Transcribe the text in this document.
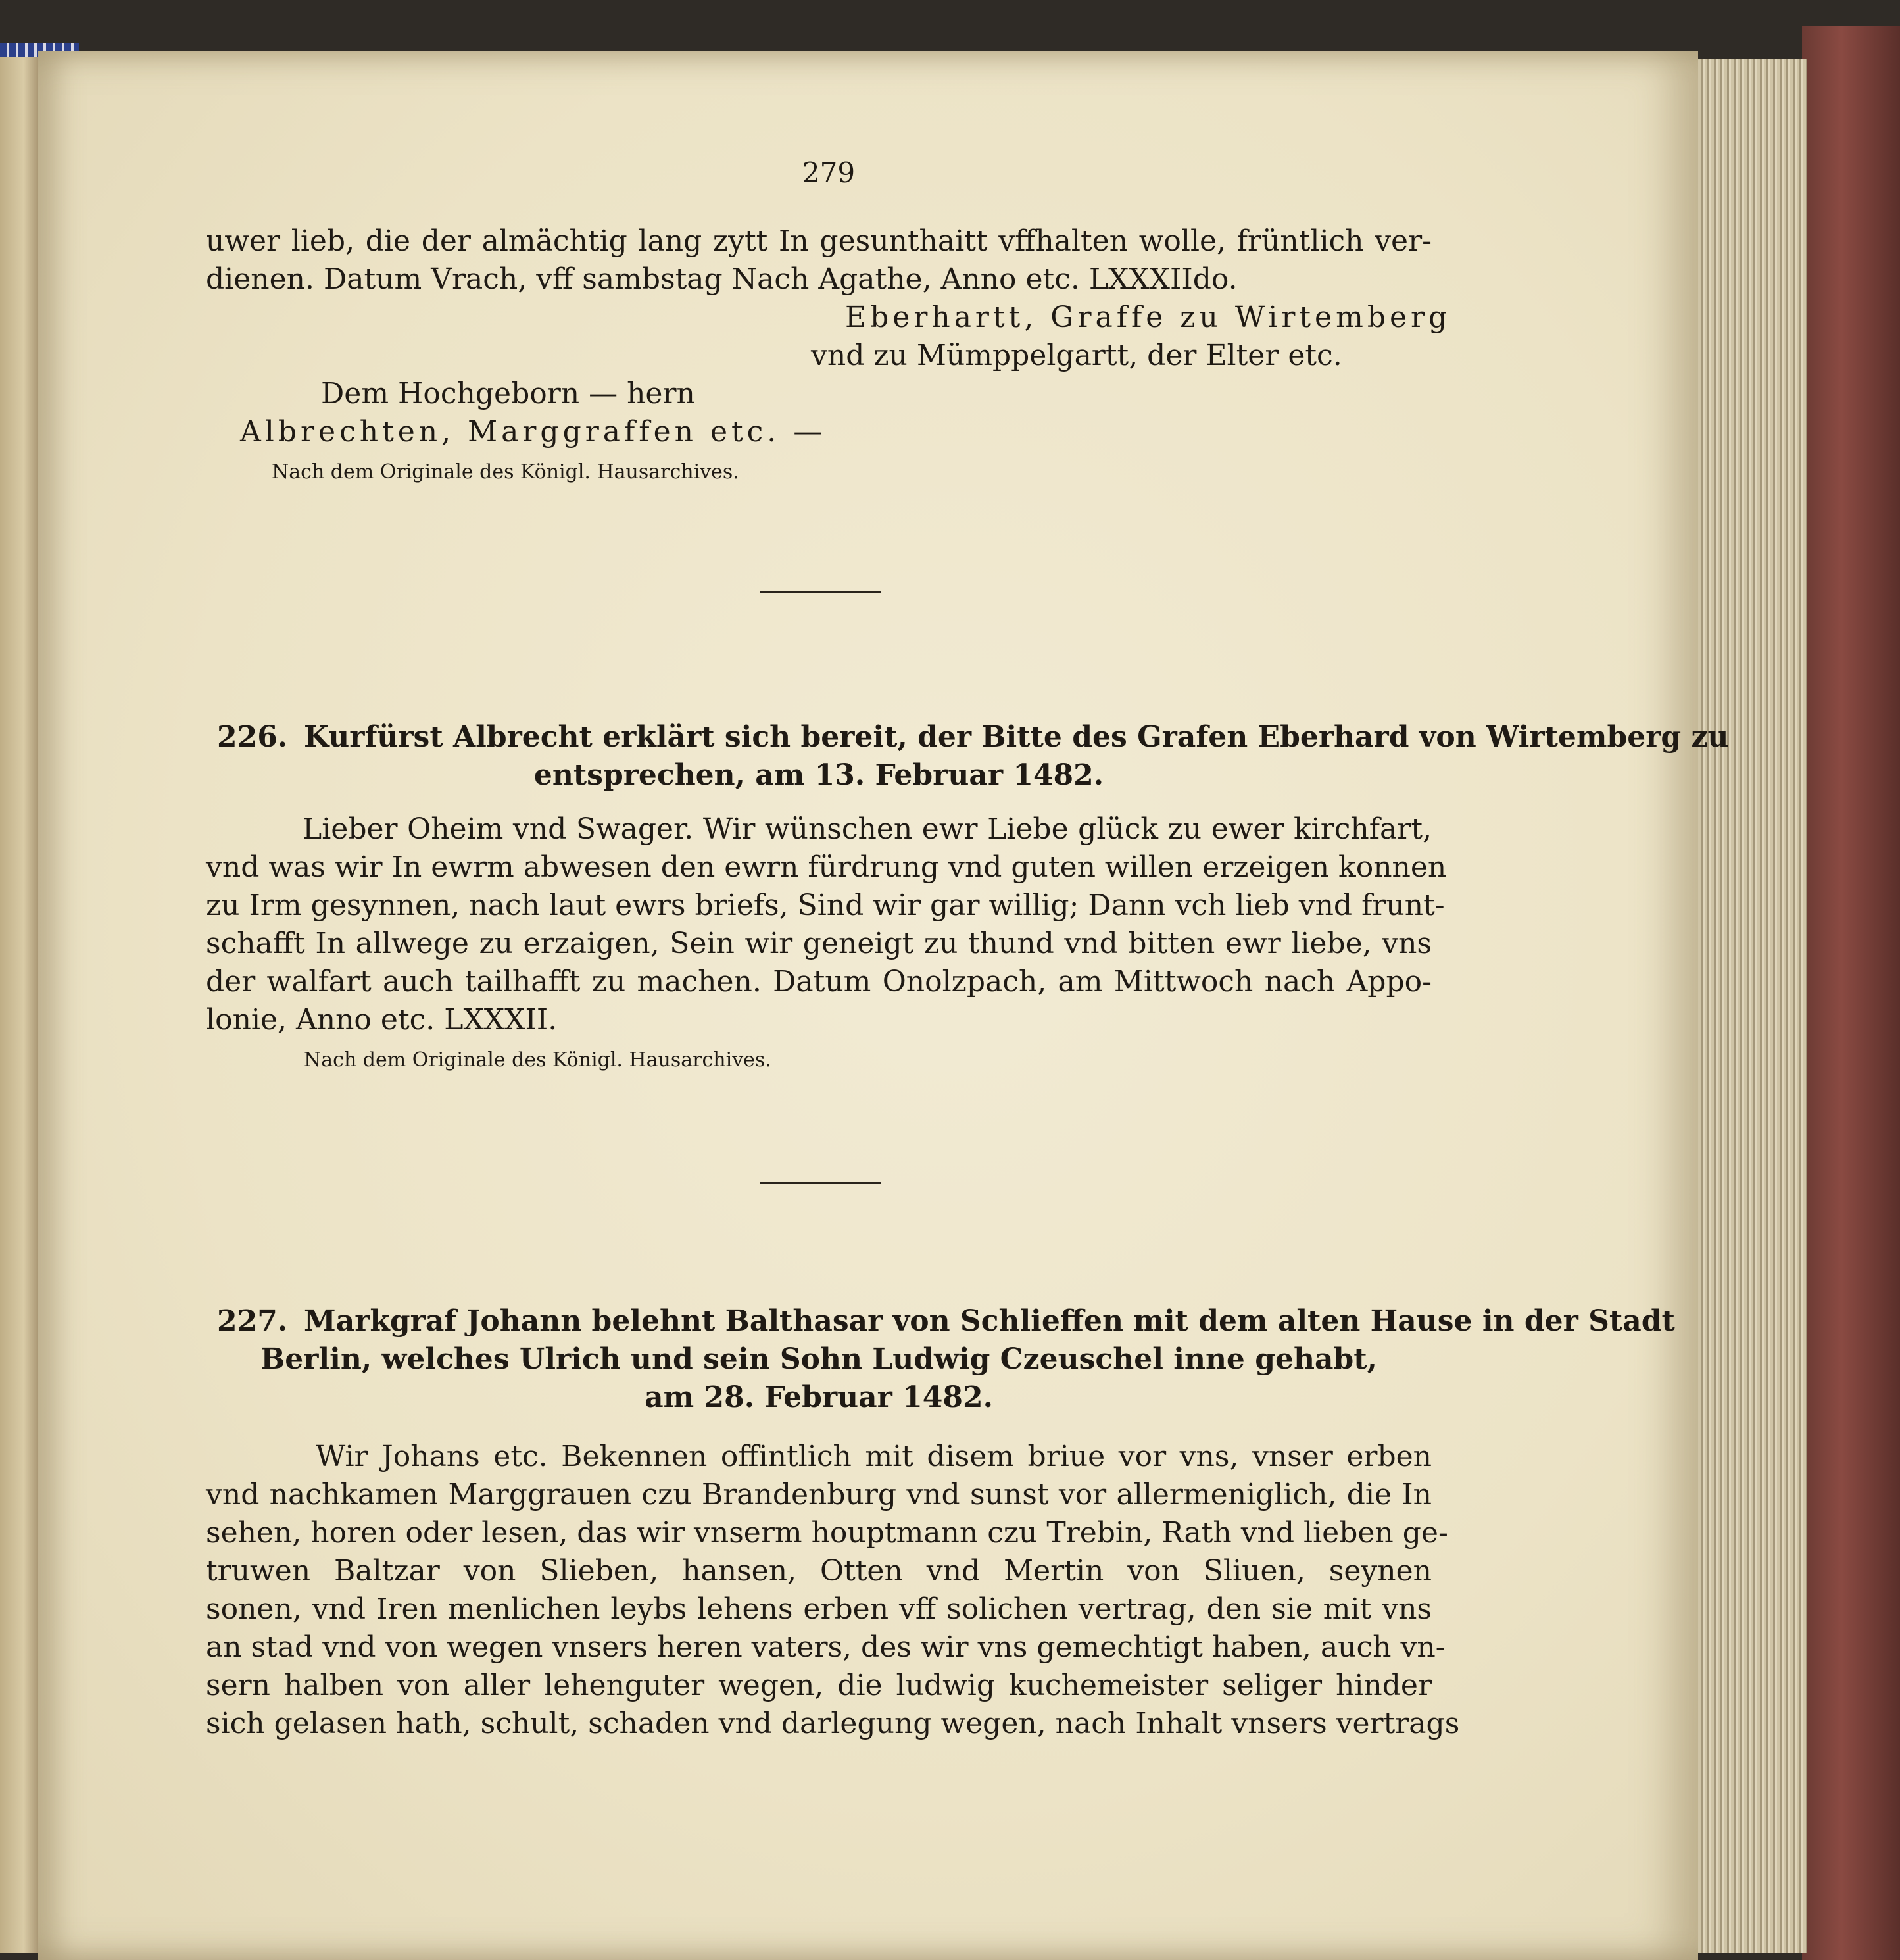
279
uwer lieb, die der almächtig lang zytt In gesunthaitt vffhalten wolle, früntlich ver-
dienen. Datum Vrach, vff sambstag Nach Agathe, Anno etc. LXXXIIdo.
Eberhartt, Graffe zu Wirtemberg
vnd zu Mümppelgartt, der Elter etc.
Dem Hochgeborn — hern
Albrechten, Marggraffen etc. —
Nach dem Originale des Königl. Hausarchives.
226. Kurfürst Albrecht erklärt sich bereit, der Bitte des Grafen Eberhard von Wirtemberg zu
entsprechen, am 13. Februar 1482.
Lieber Oheim vnd Swager. Wir wünschen ewr Liebe glück zu ewer kirchfart,
vnd was wir In ewrm abwesen den ewrn fürdrung vnd guten willen erzeigen konnen
zu Irm gesynnen, nach laut ewrs briefs, Sind wir gar willig; Dann vch lieb vnd frunt-
schafft In allwege zu erzaigen, Sein wir geneigt zu thund vnd bitten ewr liebe, vns
der walfart auch tailhafft zu machen. Datum Onolzpach, am Mittwoch nach Appo-
lonie, Anno etc. LXXXII.
Nach dem Originale des Königl. Hausarchives.
227. Markgraf Johann belehnt Balthasar von Schlieffen mit dem alten Hause in der Stadt
Berlin, welches Ulrich und sein Sohn Ludwig Czeuschel inne gehabt,
am 28. Februar 1482.
Wir Johans etc. Bekennen offintlich mit disem briue vor vns, vnser erben
vnd nachkamen Marggrauen czu Brandenburg vnd sunst vor allermeniglich, die In
sehen, horen oder lesen, das wir vnserm houptmann czu Trebin, Rath vnd lieben ge-
truwen Baltzar von Slieben, hansen, Otten vnd Mertin von Sliuen, seynen
sonen, vnd Iren menlichen leybs lehens erben vff solichen vertrag, den sie mit vns
an stad vnd von wegen vnsers heren vaters, des wir vns gemechtigt haben, auch vn-
sern halben von aller lehenguter wegen, die ludwig kuchemeister seliger hinder
sich gelasen hath, schult, schaden vnd darlegung wegen, nach Inhalt vnsers vertrags
